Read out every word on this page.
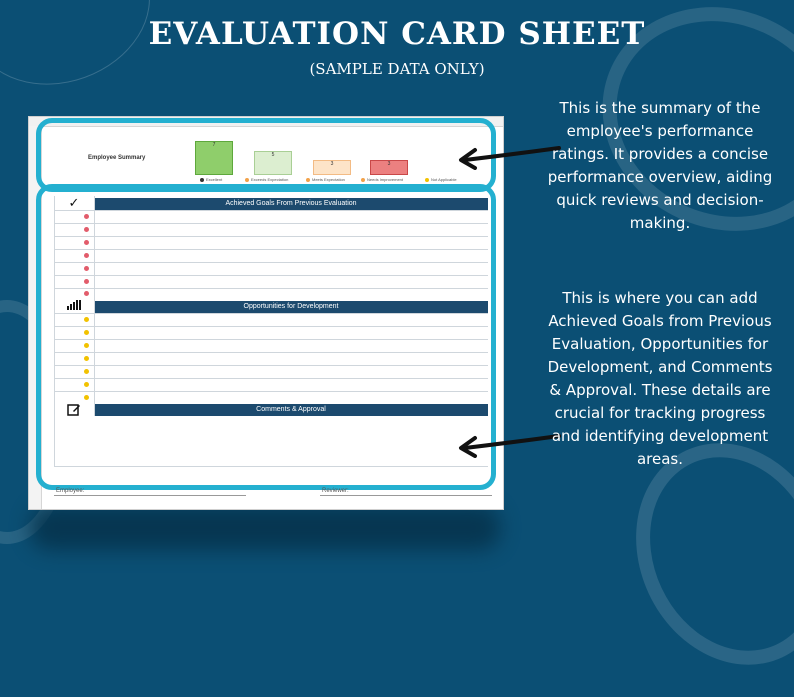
EVALUATION CARD SHEET
(SAMPLE DATA ONLY)
Employee Summary
7
5
3	3
Excellent	Exceeds Expectation	Meets Expectation	Needs Improvement	Not Applicable
✓	Achieved Goals From Previous Evaluation
Opportunities for Development
Comments & Approval
Employee:	Reviewer:
This is the summary of the employee's performance ratings. It provides a concise performance overview, aiding quick reviews and decision-making.
This is where you can add Achieved Goals from Previous Evaluation, Opportunities for Development, and Comments & Approval. These details are crucial for tracking progress and identifying development areas.
